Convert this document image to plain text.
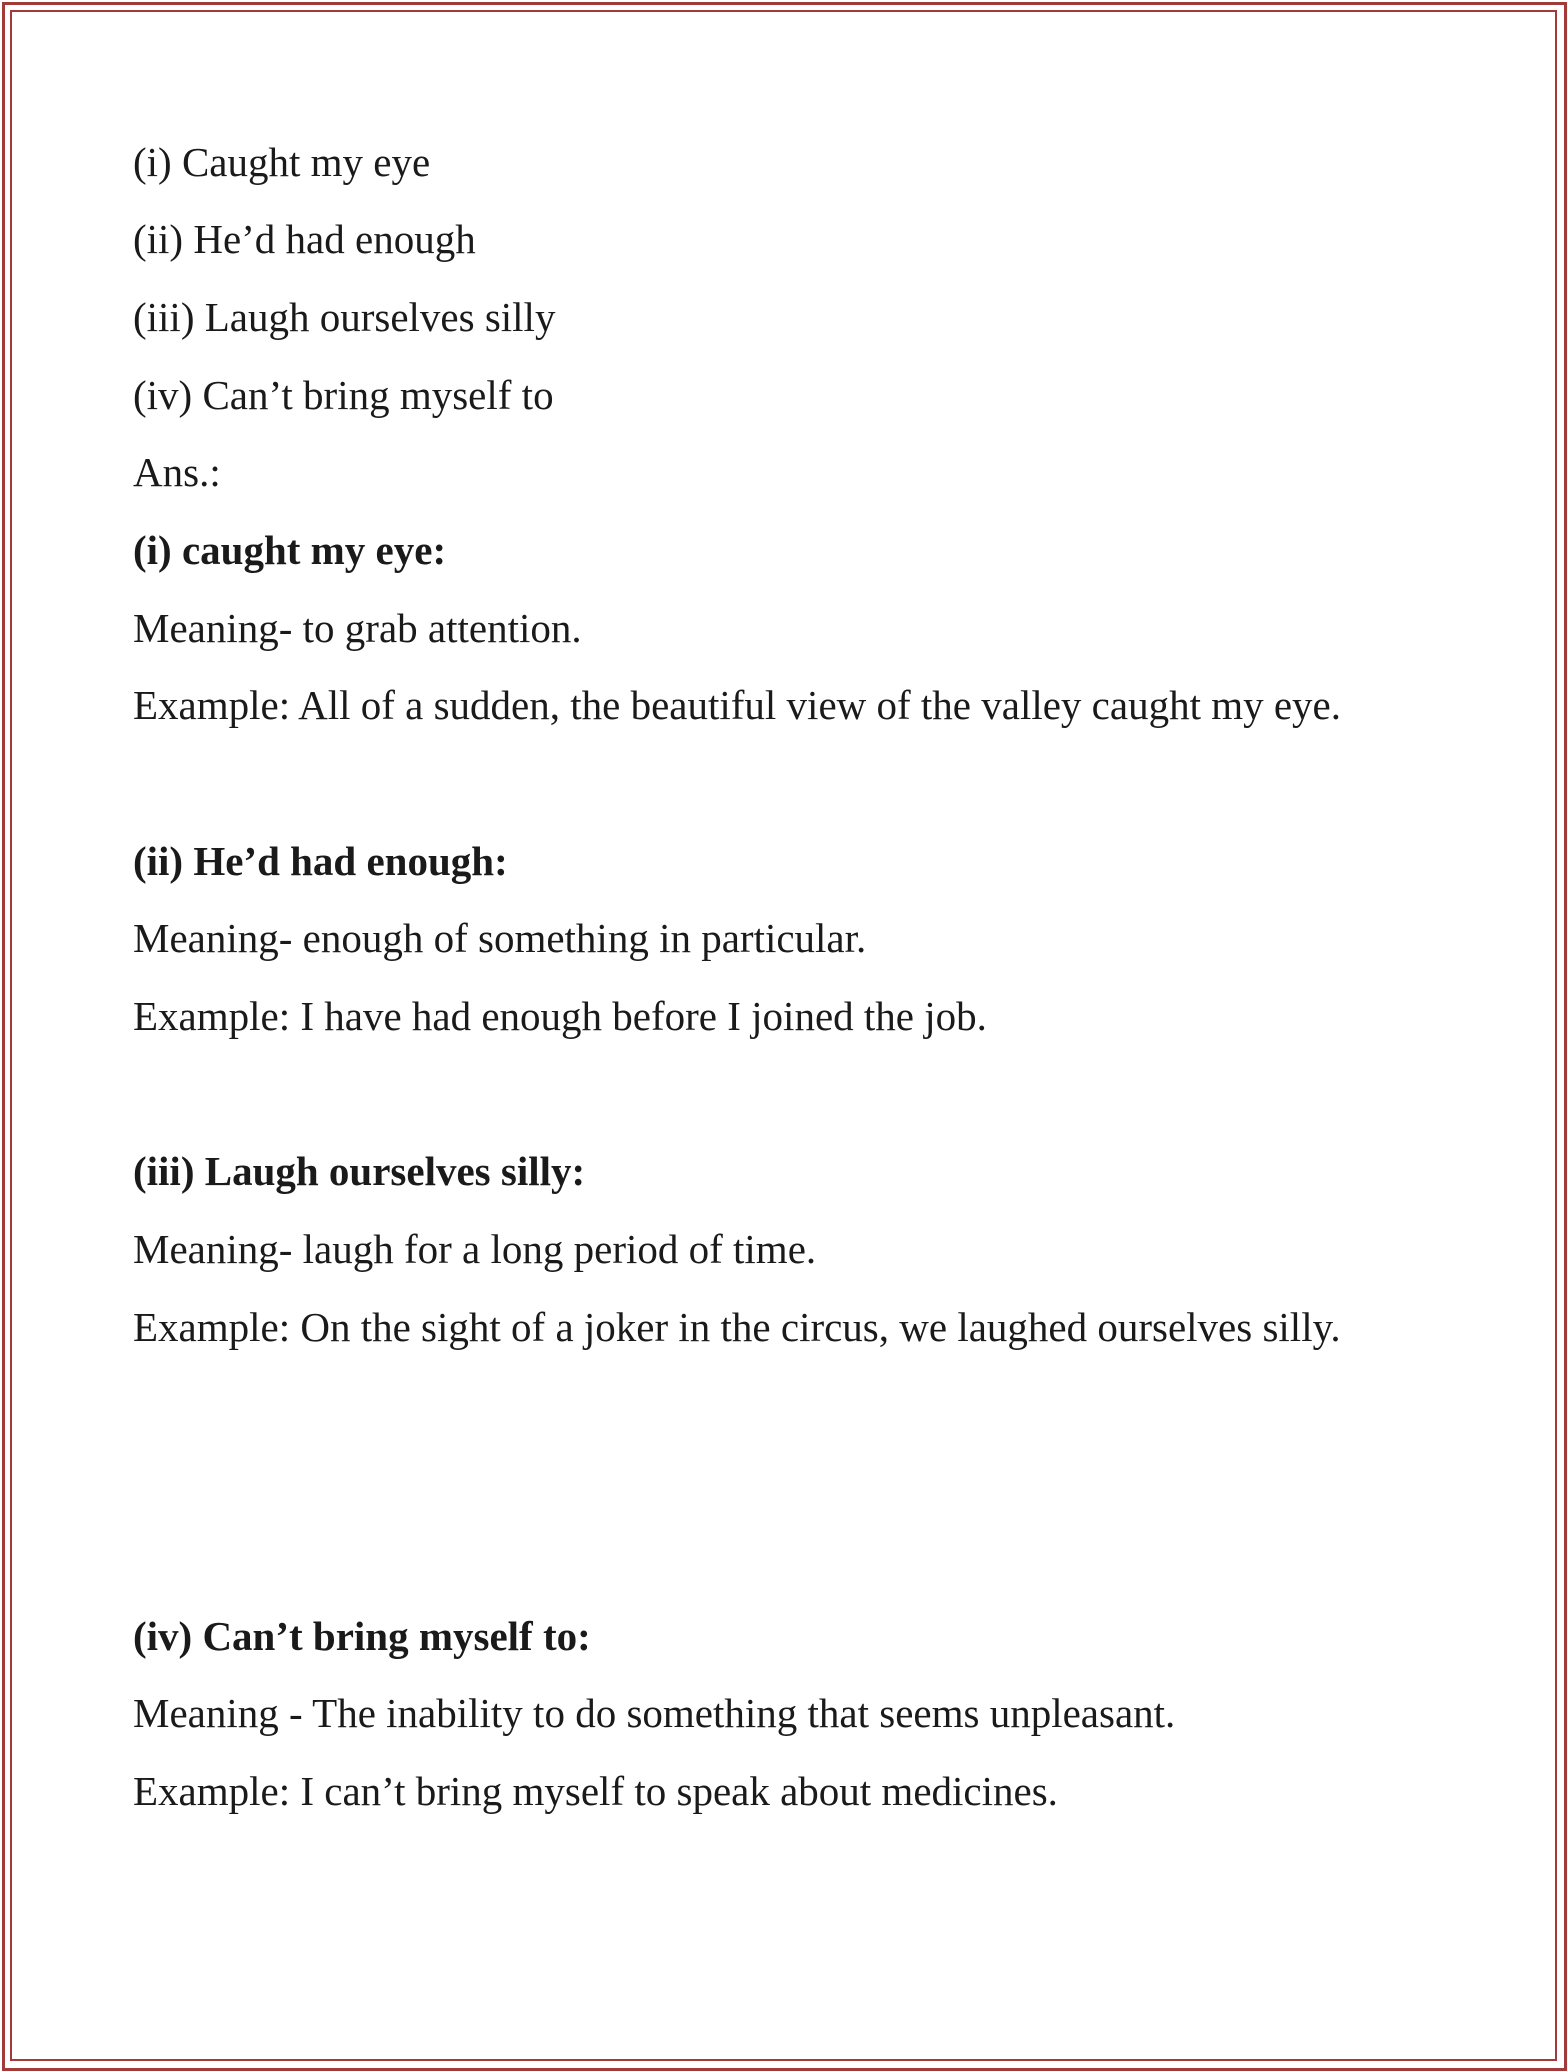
(i) Caught my eye
(ii) He’d had enough
(iii) Laugh ourselves silly
(iv) Can’t bring myself to
Ans.:
(i) caught my eye:
Meaning- to grab attention.
Example: All of a sudden, the beautiful view of the valley caught my eye.
(ii) He’d had enough:
Meaning- enough of something in particular.
Example: I have had enough before I joined the job.
(iii) Laugh ourselves silly:
Meaning- laugh for a long period of time.
Example: On the sight of a joker in the circus, we laughed ourselves silly.
(iv) Can’t bring myself to:
Meaning - The inability to do something that seems unpleasant.
Example: I can’t bring myself to speak about medicines.
